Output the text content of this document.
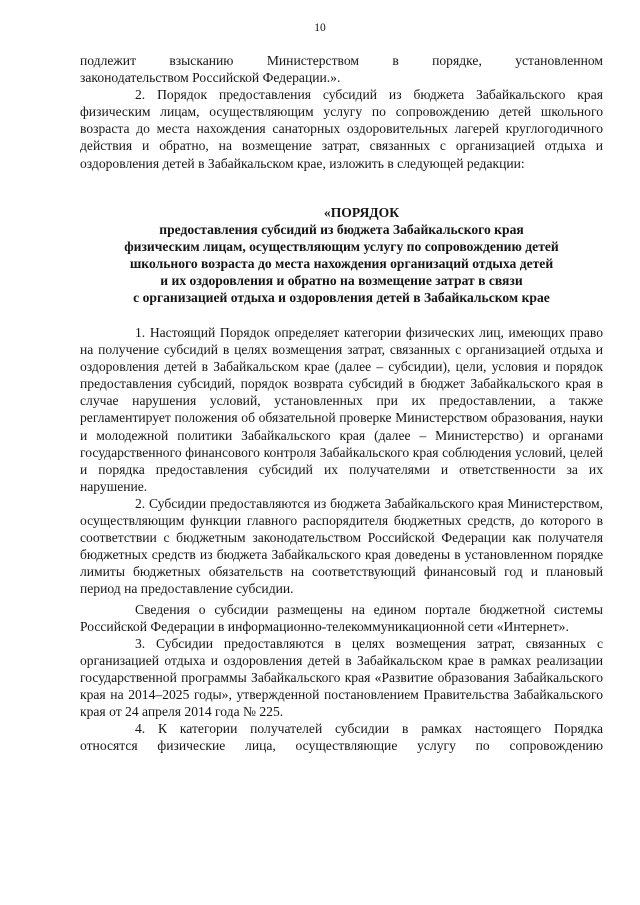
10

подлежит взысканию Министерством в порядке, установленном

законодательством Российской Федерации.».

2. Порядок предоставления субсидий из бюджета Забайкальского края физическим лицам, осуществляющим услугу по сопровождению детей школьного возраста до места нахождения санаторных оздоровительных лагерей круглогодичного действия и обратно, на возмещение затрат, связанных с организацией отдыха и оздоровления детей в Забайкальском крае, изложить в следующей редакции:

«ПОРЯДОК

предоставления субсидий из бюджета Забайкальского края

физическим лицам, осуществляющим услугу по сопровождению детей

школьного возраста до места нахождения организаций отдыха детей

и их оздоровления и обратно на возмещение затрат в связи

с организацией отдыха и оздоровления детей в Забайкальском крае

1. Настоящий Порядок определяет категории физических лиц, имеющих право на получение субсидий в целях возмещения затрат, связанных с организацией отдыха и оздоровления детей в Забайкальском крае (далее – субсидии), цели, условия и порядок предоставления субсидий, порядок возврата субсидий в бюджет Забайкальского края в случае нарушения условий, установленных при их предоставлении, а также регламентирует положения об обязательной проверке Министерством образования, науки и молодежной политики Забайкальского края (далее – Министерство) и органами государственного финансового контроля Забайкальского края соблюдения условий, целей и порядка предоставления субсидий их получателями и ответственности за их нарушение.

2. Субсидии предоставляются из бюджета Забайкальского края Министерством, осуществляющим функции главного распорядителя бюджетных средств, до которого в соответствии с бюджетным законодательством Российской Федерации как получателя бюджетных средств из бюджета Забайкальского края доведены в установленном порядке лимиты бюджетных обязательств на соответствующий финансовый год и плановый период на предоставление субсидии.

Сведения о субсидии размещены на едином портале бюджетной системы Российской Федерации в информационно-телекоммуникационной сети «Интернет».

3. Субсидии предоставляются в целях возмещения затрат, связанных с организацией отдыха и оздоровления детей в Забайкальском крае в рамках реализации государственной программы Забайкальского края «Развитие образования Забайкальского края на 2014–2025 годы», утвержденной постановлением Правительства Забайкальского края от 24 апреля 2014 года № 225.

4. К категории получателей субсидии в рамках настоящего Порядка

относятся физические лица, осуществляющие услугу по сопровождению
